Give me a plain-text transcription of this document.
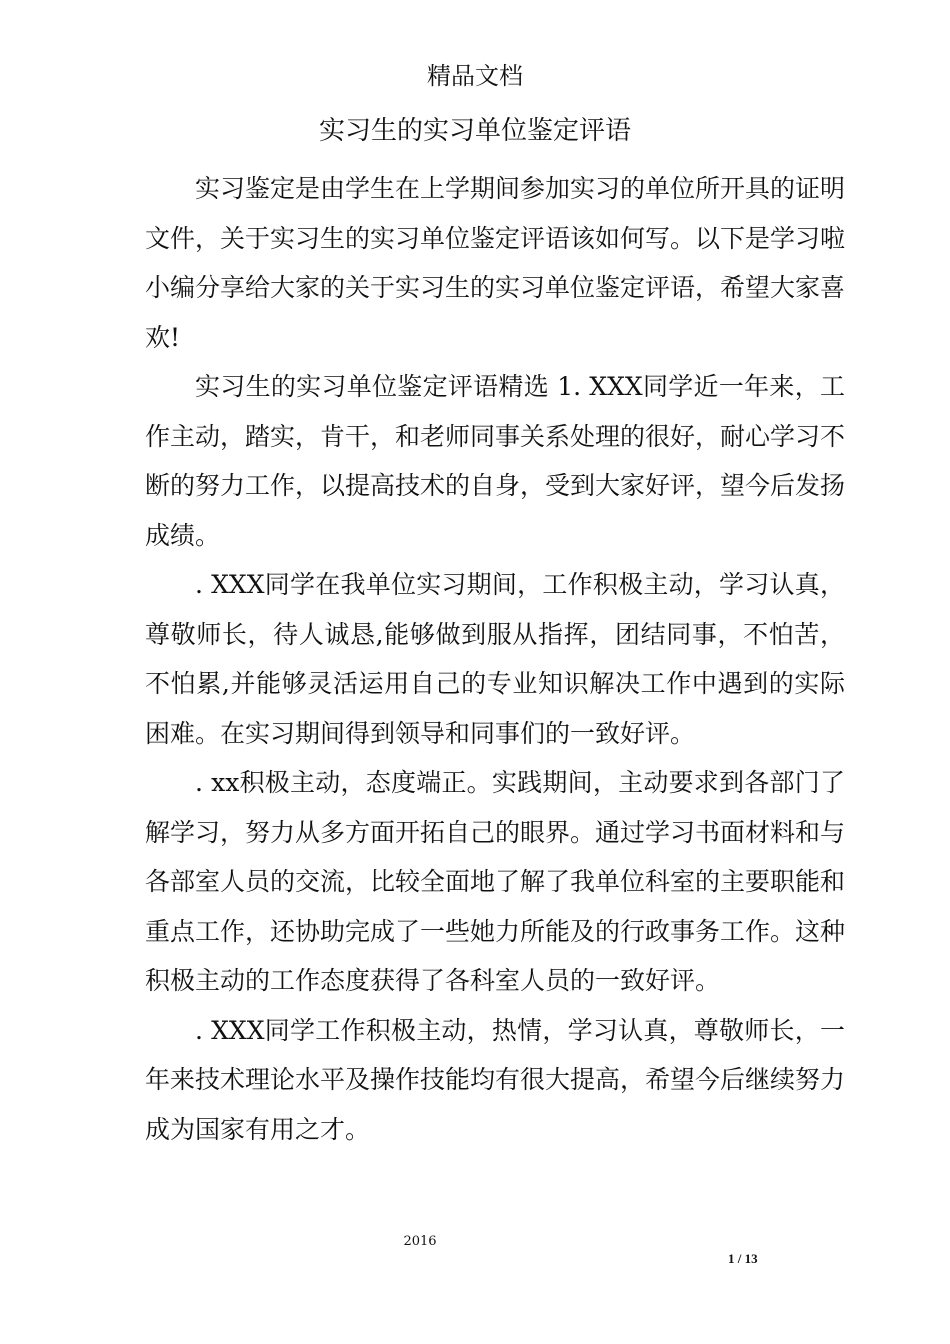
精品文档
实习生的实习单位鉴定评语

实习鉴定是由学生在上学期间参加实习的单位所开具的证明文件，关于实习生的实习单位鉴定评语该如何写。以下是学习啦小编分享给大家的关于实习生的实习单位鉴定评语，希望大家喜欢!

实习生的实习单位鉴定评语精选 1. XXX同学近一年来，工作主动，踏实，肯干，和老师同事关系处理的很好，耐心学习不断的努力工作，以提高技术的自身，受到大家好评，望今后发扬成绩。

. XXX同学在我单位实习期间，工作积极主动，学习认真，尊敬师长，待人诚恳,能够做到服从指挥，团结同事，不怕苦，不怕累,并能够灵活运用自己的专业知识解决工作中遇到的实际困难。在实习期间得到领导和同事们的一致好评。

. xx积极主动，态度端正。实践期间，主动要求到各部门了解学习，努力从多方面开拓自己的眼界。通过学习书面材料和与各部室人员的交流，比较全面地了解了我单位科室的主要职能和重点工作，还协助完成了一些她力所能及的行政事务工作。这种积极主动的工作态度获得了各科室人员的一致好评。

. XXX同学工作积极主动，热情，学习认真，尊敬师长，一年来技术理论水平及操作技能均有很大提高，希望今后继续努力成为国家有用之才。

2016
1 / 13
